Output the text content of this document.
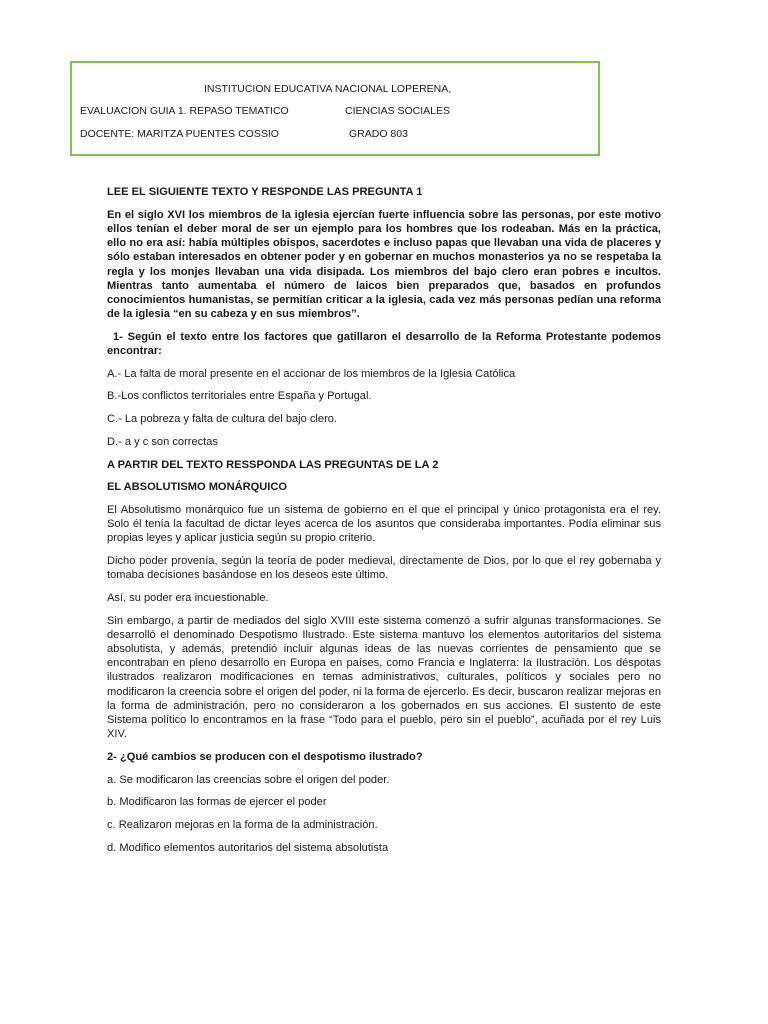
INSTITUCION EDUCATIVA NACIONAL LOPERENA,
EVALUACION GUIA 1. REPASO TEMATICO	CIENCIAS SOCIALES
DOCENTE: MARITZA PUENTES COSSIO	GRADO 803

LEE EL SIGUIENTE TEXTO Y RESPONDE LAS PREGUNTA 1

En el siglo XVI los miembros de la iglesia ejercían fuerte influencia sobre las personas, por este motivo ellos tenían el deber moral de ser un ejemplo para los hombres que los rodeaban. Más en la práctica, ello no era así: había múltiples obispos, sacerdotes e incluso papas que llevaban una vida de placeres y sólo estaban interesados en obtener poder y en gobernar en muchos monasterios ya no se respetaba la regla y los monjes llevaban una vida disipada. Los miembros del bajo clero eran pobres e incultos. Mientras tanto aumentaba el número de laicos bien preparados que, basados en profundos conocimientos humanistas, se permitían criticar a la iglesia, cada vez más personas pedían una reforma de la iglesia “en su cabeza y en sus miembros”.

1- Según el texto entre los factores que gatillaron el desarrollo de la Reforma Protestante podemos encontrar:

A.- La falta de moral presente en el accionar de los miembros de la Iglesia Católica

B.-Los conflictos territoriales entre España y Portugal.

C.- La pobreza y falta de cultura del bajo clero.

D.- a y c son correctas

A PARTIR DEL TEXTO RESSPONDA LAS PREGUNTAS DE LA 2

EL ABSOLUTISMO MONÁRQUICO

El Absolutismo monárquico fue un sistema de gobierno en el que el principal y único protagonista era el rey. Solo él tenía la facultad de dictar leyes acerca de los asuntos que consideraba importantes. Podía eliminar sus propias leyes y aplicar justicia según su propio criterio.

Dicho poder provenía, según la teoría de poder medieval, directamente de Dios, por lo que el rey gobernaba y tomaba decisiones basándose en los deseos este último.

Así, su poder era incuestionable.

Sin embargo, a partir de mediados del siglo XVIII este sistema comenzó a sufrir algunas transformaciones. Se desarrolló el denominado Despotismo Ilustrado. Este sistema mantuvo los elementos autoritarios del sistema absolutista, y además, pretendió incluir algunas ideas de las nuevas corrientes de pensamiento que se encontraban en pleno desarrollo en Europa en países, como Francia e Inglaterra: la Ilustración. Los déspotas ilustrados realizaron modificaciones en temas administrativos, culturales, políticos y sociales pero no modificaron la creencia sobre el origen del poder, ni la forma de ejercerlo. Es decir, buscaron realizar mejoras en la forma de administración, pero no consideraron a los gobernados en sus acciones. El sustento de este Sistema político lo encontramos en la frase “Todo para el pueblo, pero sin el pueblo”, acuñada por el rey Luis XIV.

2- ¿Qué cambios se producen con el despotismo ilustrado?

a. Se modificaron las creencias sobre el origen del poder.

b. Modificaron las formas de ejercer el poder

c. Realizaron mejoras en la forma de la administración.

d. Modifico elementos autoritarios del sistema absolutista
